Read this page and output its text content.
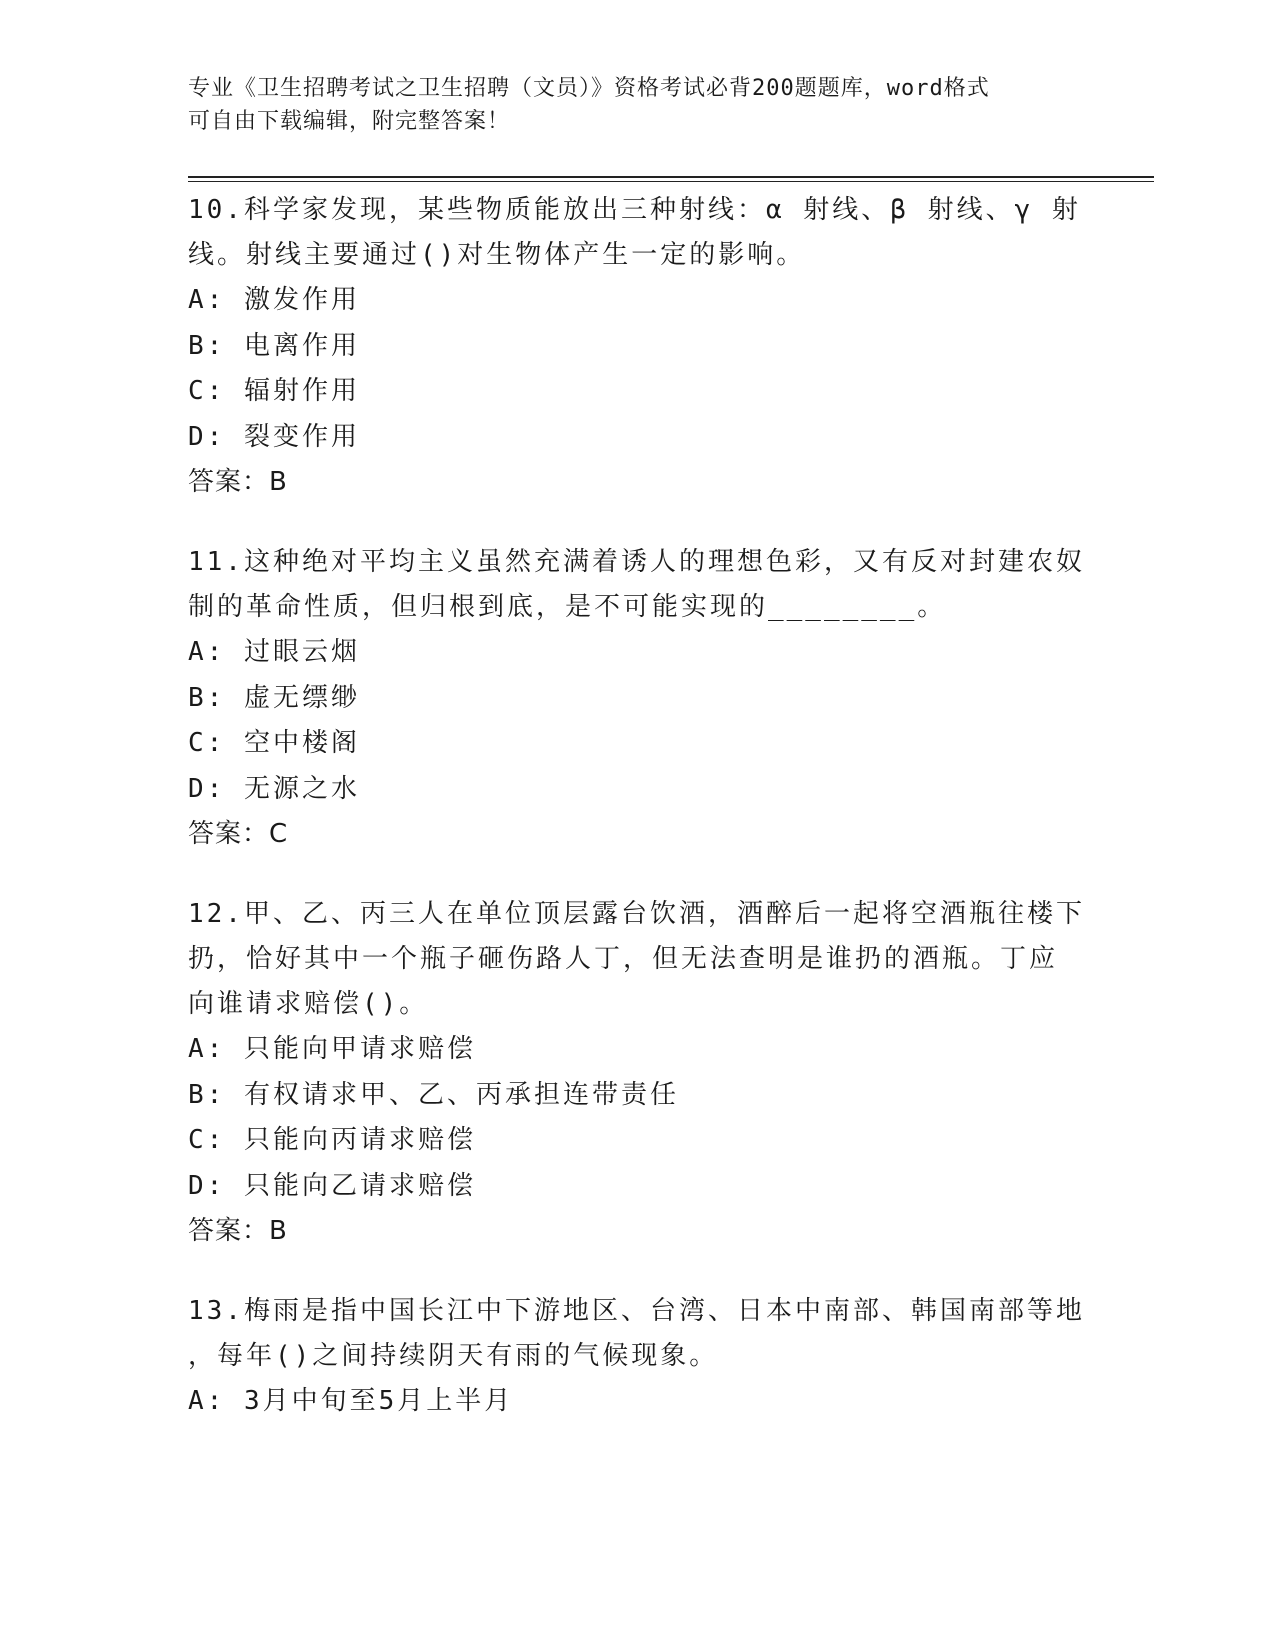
专业《卫生招聘考试之卫生招聘（文员）》资格考试必背200题题库，word格式
可自由下载编辑，附完整答案！

10.科学家发现，某些物质能放出三种射线：α 射线、β 射线、γ 射
线。射线主要通过()对生物体产生一定的影响。

A: 激发作用

B: 电离作用

C: 辐射作用

D: 裂变作用

答案：B

11.这种绝对平均主义虽然充满着诱人的理想色彩，又有反对封建农奴
制的革命性质，但归根到底，是不可能实现的________。

A: 过眼云烟

B: 虚无缥缈

C: 空中楼阁

D: 无源之水

答案：C

12.甲、乙、丙三人在单位顶层露台饮酒，酒醉后一起将空酒瓶往楼下
扔，恰好其中一个瓶子砸伤路人丁，但无法查明是谁扔的酒瓶。丁应
向谁请求赔偿()。

A: 只能向甲请求赔偿

B: 有权请求甲、乙、丙承担连带责任

C: 只能向丙请求赔偿

D: 只能向乙请求赔偿

答案：B

13.梅雨是指中国长江中下游地区、台湾、日本中南部、韩国南部等地
，每年()之间持续阴天有雨的气候现象。

A: 3月中旬至5月上半月
